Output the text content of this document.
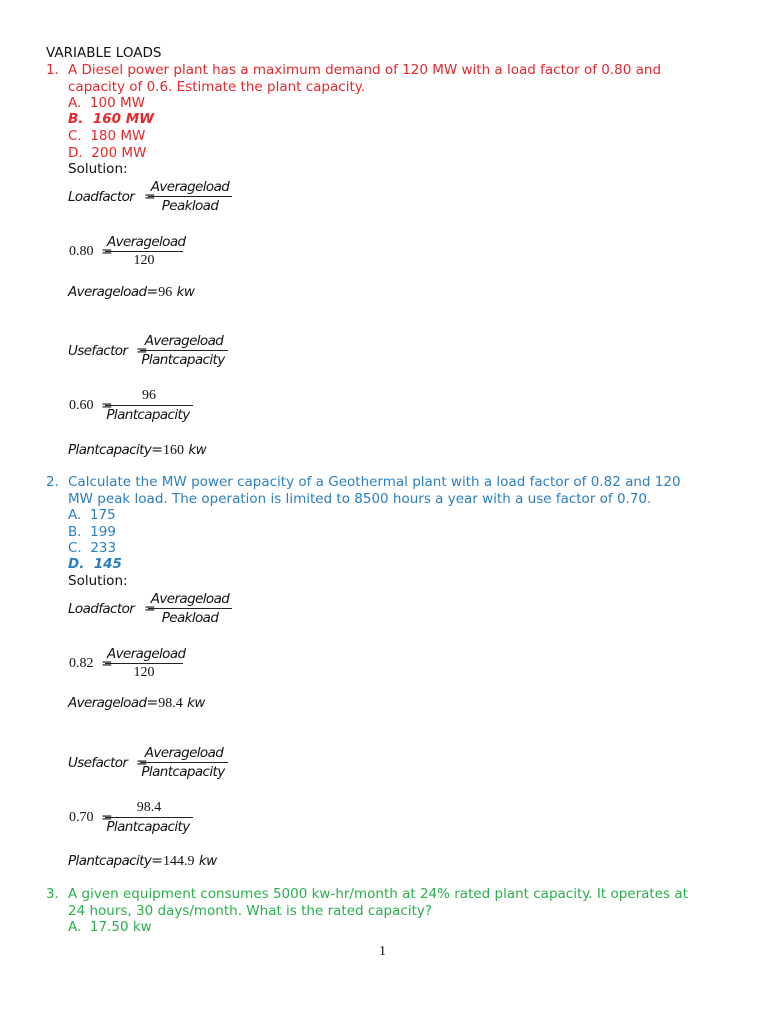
VARIABLE LOADS
1. A Diesel power plant has a maximum demand of 120 MW with a load factor of 0.80 and
capacity of 0.6. Estimate the plant capacity.
A. 100 MW
B. 160 MW
C. 180 MW
D. 200 MW
Solution:
Loadfactor =
Averageload
Peakload
0.80 =
Averageload
120
Averageload=96 kw
Usefactor =
Averageload
Plantcapacity
0.60 =
96
Plantcapacity
Plantcapacity=160 kw
2. Calculate the MW power capacity of a Geothermal plant with a load factor of 0.82 and 120
MW peak load. The operation is limited to 8500 hours a year with a use factor of 0.70.
A. 175
B. 199
C. 233
D. 145
Solution:
Loadfactor =
Averageload
Peakload
0.82 =
Averageload
120
Averageload=98.4 kw
Usefactor =
Averageload
Plantcapacity
0.70 =
98.4
Plantcapacity
Plantcapacity=144.9 kw
3. A given equipment consumes 5000 kw-hr/month at 24% rated plant capacity. It operates at
24 hours, 30 days/month. What is the rated capacity?
A. 17.50 kw
1
